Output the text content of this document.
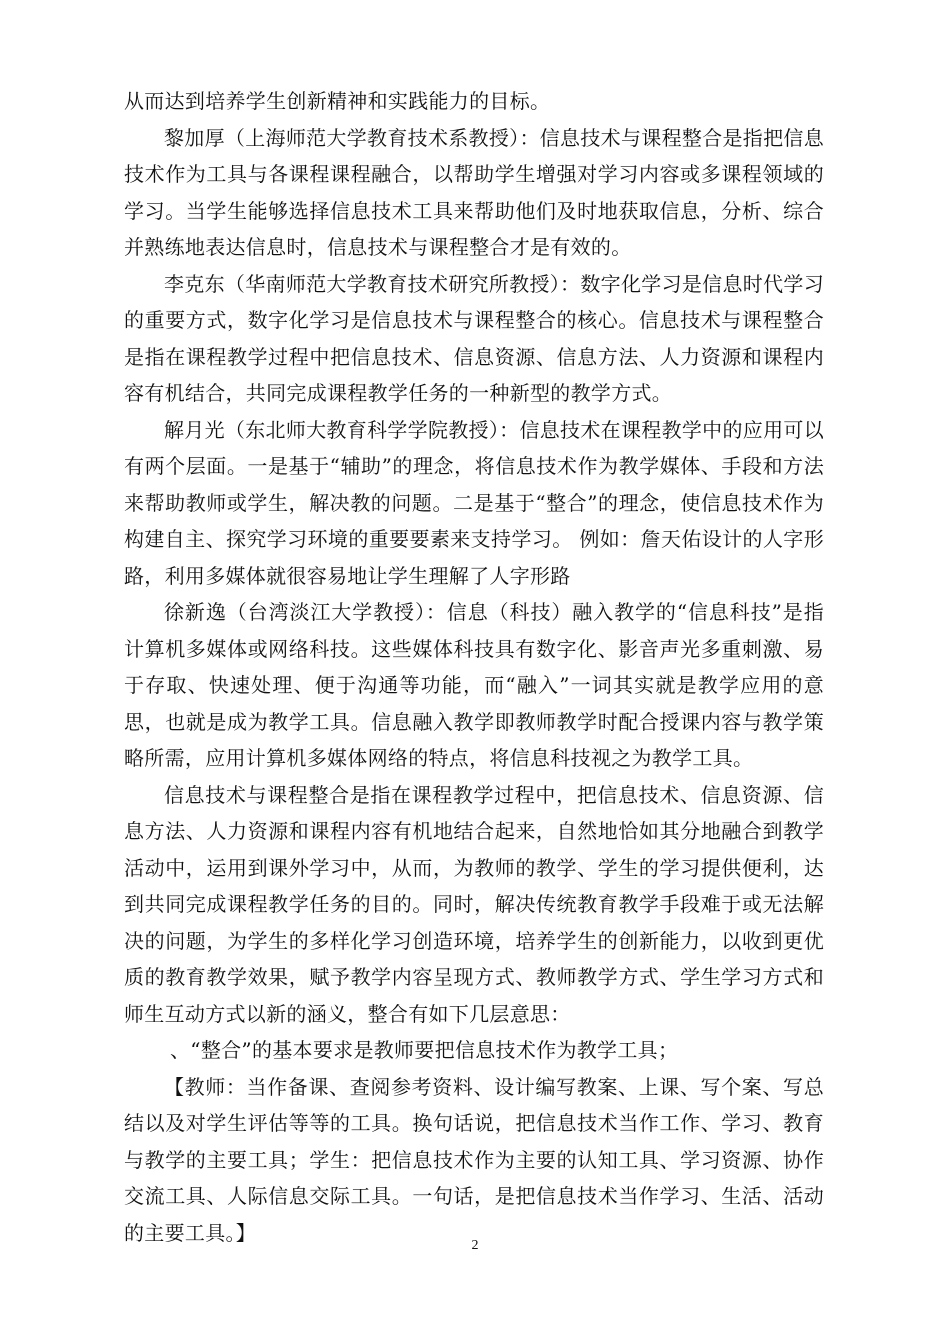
从而达到培养学生创新精神和实践能力的目标。

黎加厚（上海师范大学教育技术系教授）：信息技术与课程整合是指把信息技术作为工具与各课程课程融合，以帮助学生增强对学习内容或多课程领域的学习。当学生能够选择信息技术工具来帮助他们及时地获取信息，分析、综合并熟练地表达信息时，信息技术与课程整合才是有效的。

李克东（华南师范大学教育技术研究所教授）：数字化学习是信息时代学习的重要方式，数字化学习是信息技术与课程整合的核心。信息技术与课程整合是指在课程教学过程中把信息技术、信息资源、信息方法、人力资源和课程内容有机结合，共同完成课程教学任务的一种新型的教学方式。

解月光（东北师大教育科学学院教授）：信息技术在课程教学中的应用可以有两个层面。一是基于“辅助”的理念，将信息技术作为教学媒体、手段和方法来帮助教师或学生，解决教的问题。二是基于“整合”的理念，使信息技术作为构建自主、探究学习环境的重要要素来支持学习。 例如：詹天佑设计的人字形路，利用多媒体就很容易地让学生理解了人字形路

徐新逸（台湾淡江大学教授）：信息（科技）融入教学的“信息科技”是指计算机多媒体或网络科技。这些媒体科技具有数字化、影音声光多重刺激、易于存取、快速处理、便于沟通等功能，而“融入”一词其实就是教学应用的意思，也就是成为教学工具。信息融入教学即教师教学时配合授课内容与教学策略所需，应用计算机多媒体网络的特点，将信息科技视之为教学工具。

信息技术与课程整合是指在课程教学过程中，把信息技术、信息资源、信息方法、人力资源和课程内容有机地结合起来，自然地恰如其分地融合到教学活动中，运用到课外学习中，从而，为教师的教学、学生的学习提供便利，达到共同完成课程教学任务的目的。同时，解决传统教育教学手段难于或无法解决的问题，为学生的多样化学习创造环境，培养学生的创新能力，以收到更优质的教育教学效果，赋予教学内容呈现方式、教师教学方式、学生学习方式和师生互动方式以新的涵义，整合有如下几层意思：

、“整合”的基本要求是教师要把信息技术作为教学工具；

【教师：当作备课、查阅参考资料、设计编写教案、上课、写个案、写总结以及对学生评估等等的工具。换句话说，把信息技术当作工作、学习、教育与教学的主要工具；学生：把信息技术作为主要的认知工具、学习资源、协作交流工具、人际信息交际工具。一句话，是把信息技术当作学习、生活、活动的主要工具。】

2
